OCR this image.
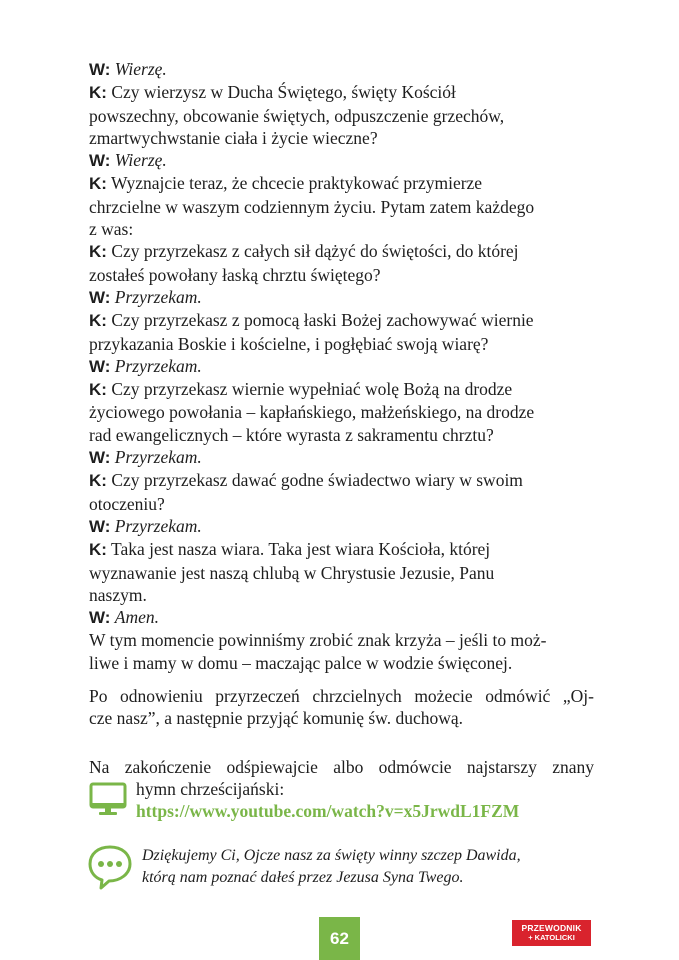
W: Wierzę.
K: Czy wierzysz w Ducha Świętego, święty Kościół
powszechny, obcowanie świętych, odpuszczenie grzechów,
zmartwychwstanie ciała i życie wieczne?
W: Wierzę.
K: Wyznajcie teraz, że chcecie praktykować przymierze
chrzcielne w waszym codziennym życiu. Pytam zatem każdego
z was:
K: Czy przyrzekasz z całych sił dążyć do świętości, do której
zostałeś powołany łaską chrztu świętego?
W: Przyrzekam.
K: Czy przyrzekasz z pomocą łaski Bożej zachowywać wiernie
przykazania Boskie i kościelne, i pogłębiać swoją wiarę?
W: Przyrzekam.
K: Czy przyrzekasz wiernie wypełniać wolę Bożą na drodze
życiowego powołania – kapłańskiego, małżeńskiego, na drodze
rad ewangelicznych – które wyrasta z sakramentu chrztu?
W: Przyrzekam.
K: Czy przyrzekasz dawać godne świadectwo wiary w swoim
otoczeniu?
W: Przyrzekam.
K: Taka jest nasza wiara. Taka jest wiara Kościoła, której
wyznawanie jest naszą chlubą w Chrystusie Jezusie, Panu
naszym.
W: Amen.
W tym momencie powinniśmy zrobić znak krzyża – jeśli to moż-
liwe i mamy w domu – maczając palce w wodzie święconej.
Po odnowieniu przyrzeczeń chrzcielnych możecie odmówić „Oj-
cze nasz”, a następnie przyjąć komunię św. duchową.
Na zakończenie odśpiewajcie albo odmówcie najstarszy znany
hymn chrześcijański:
https://www.youtube.com/watch?v=x5JrwdL1FZM
Dziękujemy Ci, Ojcze nasz za święty winny szczep Dawida,
którą nam poznać dałeś przez Jezusa Syna Twego.
62
PRZEWODNIK
+ KATOLICKI
